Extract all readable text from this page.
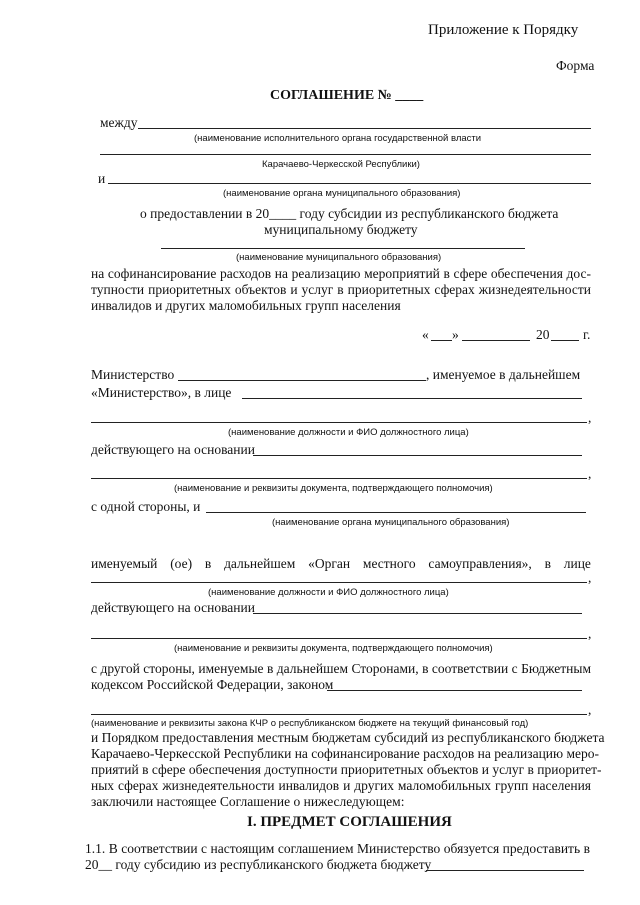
Приложение к Порядку
Форма
СОГЛАШЕНИЕ № ____
между
(наименование исполнительного органа государственной власти
Карачаево-Черкесской Республики)
и
(наименование органа муниципального образования)
о предоставлении в 20____ году субсидии из республиканского бюджета
муниципальному бюджету
(наименование муниципального образования)
на софинансирование расходов на реализацию мероприятий в сфере обеспечения дос-
тупности приоритетных объектов и услуг в приоритетных сферах жизнедеятельности
инвалидов и других маломобильных групп населения
« »	20 г.
Министерство	, именуемое в дальнейшем
«Министерство», в лице
,
(наименование должности и ФИО должностного лица)
действующего на основании
,
(наименование и реквизиты документа, подтверждающего полномочия)
с одной стороны, и
(наименование органа муниципального образования)
именуемый (ое) в дальнейшем «Орган местного самоуправления», в лице
,
(наименование должности и ФИО должностного лица)
действующего на основании
,
(наименование и реквизиты документа, подтверждающего полномочия)
с другой стороны, именуемые в дальнейшем Сторонами, в соответствии с Бюджетным
кодексом Российской Федерации, законом
,
(наименование и реквизиты закона КЧР о республиканском бюджете на текущий финансовый год)
и Порядком предоставления местным бюджетам субсидий из республиканского бюджета
Карачаево-Черкесской Республики на софинансирование расходов на реализацию меро-
приятий в сфере обеспечения доступности приоритетных объектов и услуг в приоритет-
ных сферах жизнедеятельности инвалидов и других маломобильных групп населения
заключили настоящее Соглашение о нижеследующем:
I. ПРЕДМЕТ СОГЛАШЕНИЯ
1.1. В соответствии с настоящим соглашением Министерство обязуется предоставить в
20__ году субсидию из республиканского бюджета бюджету
